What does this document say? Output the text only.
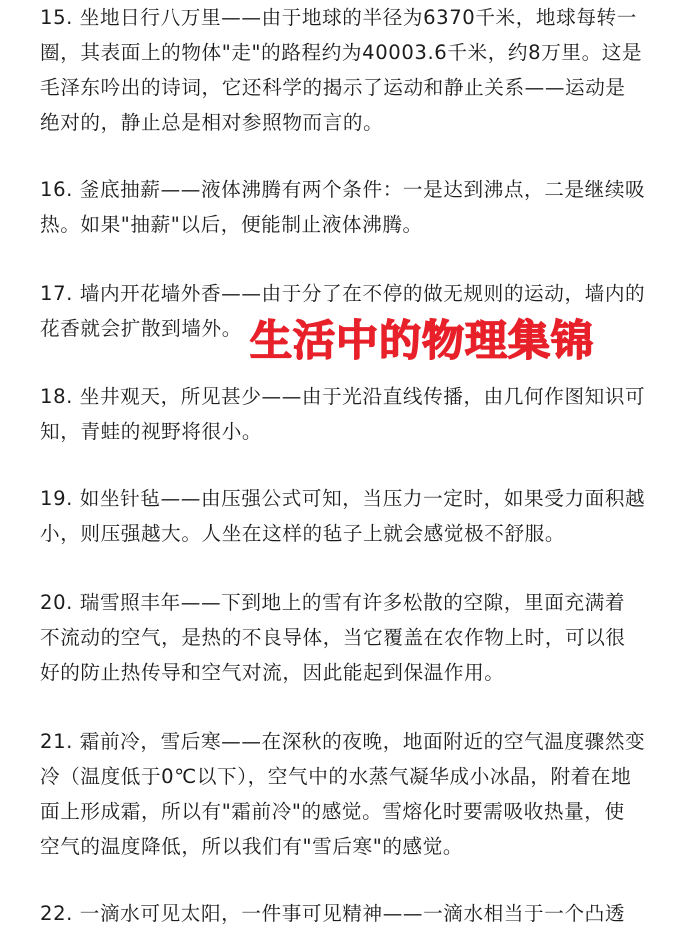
15. 坐地日行八万里——由于地球的半径为6370千米，地球每转一
圈，其表面上的物体"走"的路程约为40003.6千米，约8万里。这是
毛泽东吟出的诗词，它还科学的揭示了运动和静止关系——运动是
绝对的，静止总是相对参照物而言的。
16. 釜底抽薪——液体沸腾有两个条件：一是达到沸点，二是继续吸
热。如果"抽薪"以后，便能制止液体沸腾。
17. 墙内开花墙外香——由于分了在不停的做无规则的运动，墙内的
花香就会扩散到墙外。
18. 坐井观天，所见甚少——由于光沿直线传播，由几何作图知识可
知，青蛙的视野将很小。
19. 如坐针毡——由压强公式可知，当压力一定时，如果受力面积越
小，则压强越大。人坐在这样的毡子上就会感觉极不舒服。
20. 瑞雪照丰年——下到地上的雪有许多松散的空隙，里面充满着
不流动的空气，是热的不良导体，当它覆盖在农作物上时，可以很
好的防止热传导和空气对流，因此能起到保温作用。
21. 霜前冷，雪后寒——在深秋的夜晚，地面附近的空气温度骤然变
冷（温度低于0℃以下），空气中的水蒸气凝华成小冰晶，附着在地
面上形成霜，所以有"霜前冷"的感觉。雪熔化时要需吸收热量，使
空气的温度降低，所以我们有"雪后寒"的感觉。
22. 一滴水可见太阳，一件事可见精神——一滴水相当于一个凸透
生活中的物理集锦
